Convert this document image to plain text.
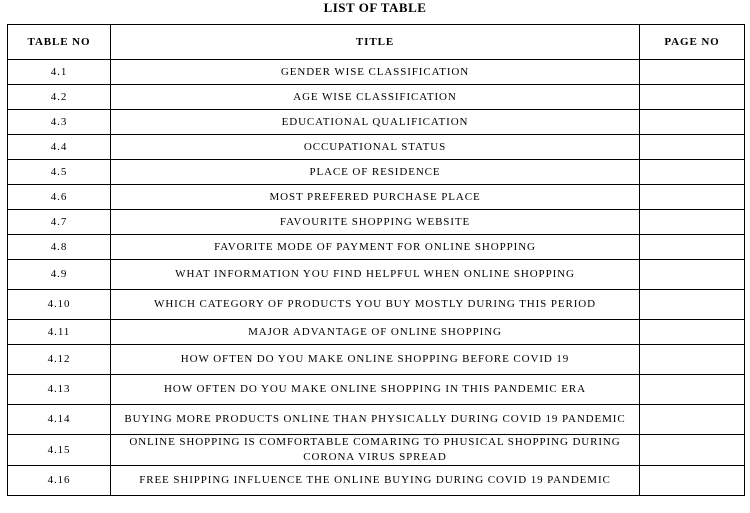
LIST OF TABLE
TABLE NO	TITLE	PAGE NO
4.1	GENDER WISE CLASSIFICATION	
4.2	AGE WISE CLASSIFICATION	
4.3	EDUCATIONAL QUALIFICATION	
4.4	OCCUPATIONAL STATUS	
4.5	PLACE OF RESIDENCE	
4.6	MOST PREFERED PURCHASE PLACE	
4.7	FAVOURITE SHOPPING WEBSITE	
4.8	FAVORITE MODE OF PAYMENT FOR ONLINE SHOPPING	
4.9	WHAT INFORMATION YOU FIND HELPFUL WHEN ONLINE SHOPPING	
4.10	WHICH CATEGORY OF PRODUCTS YOU BUY MOSTLY DURING THIS PERIOD	
4.11	MAJOR ADVANTAGE OF ONLINE SHOPPING	
4.12	HOW OFTEN DO YOU MAKE ONLINE SHOPPING BEFORE COVID 19	
4.13	HOW OFTEN DO YOU MAKE ONLINE SHOPPING IN THIS PANDEMIC ERA	
4.14	BUYING MORE PRODUCTS ONLINE THAN PHYSICALLY DURING COVID 19 PANDEMIC	
4.15	ONLINE SHOPPING IS COMFORTABLE COMARING TO PHUSICAL SHOPPING DURING CORONA VIRUS SPREAD	
4.16	FREE SHIPPING INFLUENCE THE ONLINE BUYING DURING COVID 19 PANDEMIC	
